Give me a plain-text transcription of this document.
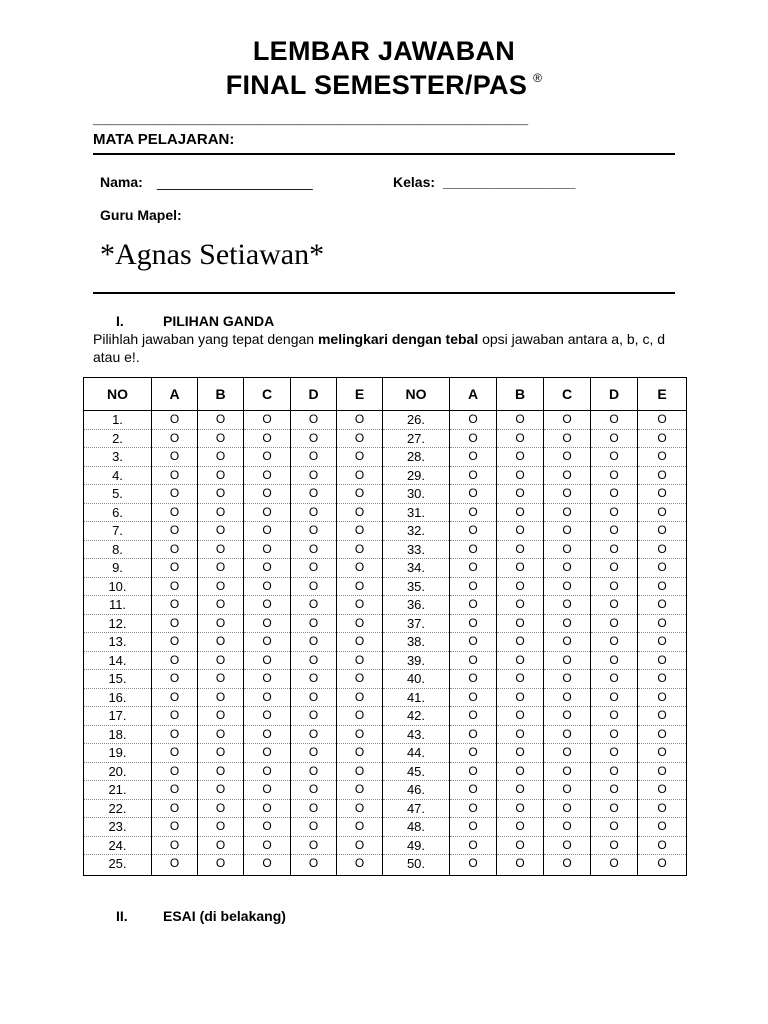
LEMBAR JAWABAN
FINAL SEMESTER/PAS ®
__________________________________________________
MATA PELAJARAN:
Nama: ____________________	Kelas: _________________
Guru Mapel:
*Agnas Setiawan*
I.	PILIHAN GANDA
Pilihlah jawaban yang tepat dengan melingkari dengan tebal opsi jawaban antara a, b, c, d atau e!.
NO	A	B	C	D	E	NO	A	B	C	D	E
1.	O	O	O	O	O	26.	O	O	O	O	O
2.	O	O	O	O	O	27.	O	O	O	O	O
3.	O	O	O	O	O	28.	O	O	O	O	O
4.	O	O	O	O	O	29.	O	O	O	O	O
5.	O	O	O	O	O	30.	O	O	O	O	O
6.	O	O	O	O	O	31.	O	O	O	O	O
7.	O	O	O	O	O	32.	O	O	O	O	O
8.	O	O	O	O	O	33.	O	O	O	O	O
9.	O	O	O	O	O	34.	O	O	O	O	O
10.	O	O	O	O	O	35.	O	O	O	O	O
11.	O	O	O	O	O	36.	O	O	O	O	O
12.	O	O	O	O	O	37.	O	O	O	O	O
13.	O	O	O	O	O	38.	O	O	O	O	O
14.	O	O	O	O	O	39.	O	O	O	O	O
15.	O	O	O	O	O	40.	O	O	O	O	O
16.	O	O	O	O	O	41.	O	O	O	O	O
17.	O	O	O	O	O	42.	O	O	O	O	O
18.	O	O	O	O	O	43.	O	O	O	O	O
19.	O	O	O	O	O	44.	O	O	O	O	O
20.	O	O	O	O	O	45.	O	O	O	O	O
21.	O	O	O	O	O	46.	O	O	O	O	O
22.	O	O	O	O	O	47.	O	O	O	O	O
23.	O	O	O	O	O	48.	O	O	O	O	O
24.	O	O	O	O	O	49.	O	O	O	O	O
25.	O	O	O	O	O	50.	O	O	O	O	O
II.	ESAI (di belakang)
